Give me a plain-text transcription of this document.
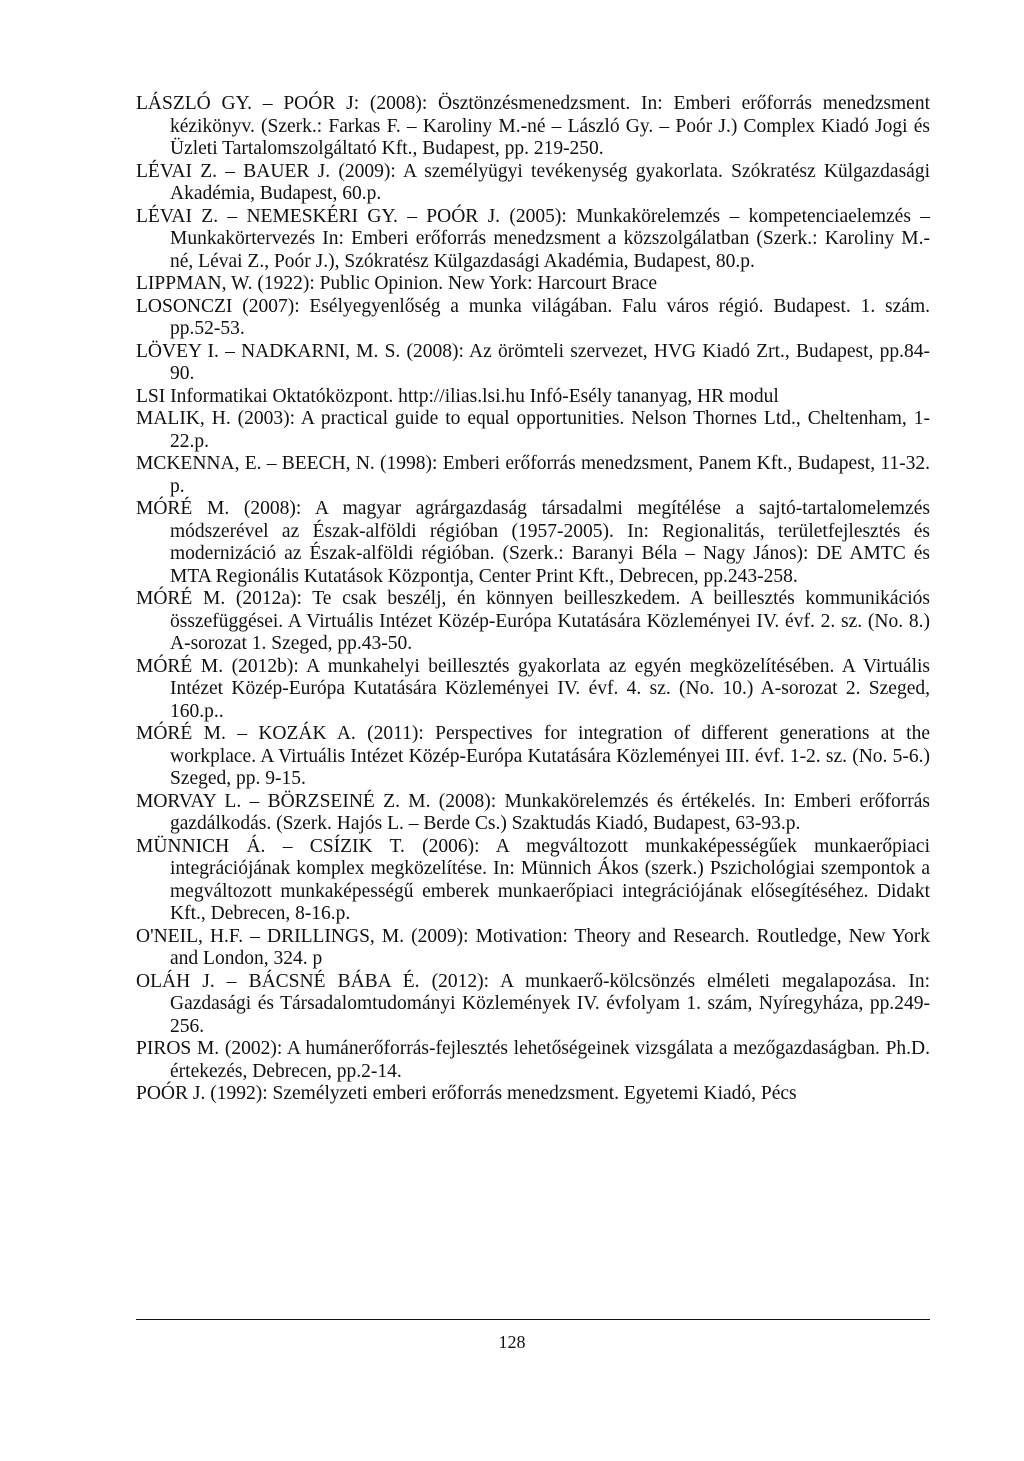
LÁSZLÓ GY. – POÓR J: (2008): Ösztönzésmenedzsment. In: Emberi erőforrás menedzsment kézikönyv. (Szerk.: Farkas F. – Karoliny M.-né – László Gy. – Poór J.) Complex Kiadó Jogi és Üzleti Tartalomszolgáltató Kft., Budapest, pp. 219-250.

LÉVAI Z. – BAUER J. (2009): A személyügyi tevékenység gyakorlata. Szókratész Külgazdasági Akadémia, Budapest, 60.p.

LÉVAI Z. – NEMESKÉRI GY. – POÓR J. (2005): Munkakörelemzés – kompetenciaelemzés – Munkakörtervezés In: Emberi erőforrás menedzsment a közszolgálatban (Szerk.: Karoliny M.-né, Lévai Z., Poór J.), Szókratész Külgazdasági Akadémia, Budapest, 80.p.

LIPPMAN, W. (1922): Public Opinion. New York: Harcourt Brace

LOSONCZI (2007): Esélyegyenlőség a munka világában. Falu város régió. Budapest. 1. szám. pp.52-53.

LÖVEY I. – NADKARNI, M. S. (2008): Az örömteli szervezet, HVG Kiadó Zrt., Budapest, pp.84-90.

LSI Informatikai Oktatóközpont. http://ilias.lsi.hu Infó-Esély tananyag, HR modul

MALIK, H. (2003): A practical guide to equal opportunities. Nelson Thornes Ltd., Cheltenham, 1-22.p.

MCKENNA, E. – BEECH, N. (1998): Emberi erőforrás menedzsment, Panem Kft., Budapest, 11-32. p.

MÓRÉ M. (2008): A magyar agrárgazdaság társadalmi megítélése a sajtó-tartalomelemzés módszerével az Észak-alföldi régióban (1957-2005). In: Regionalitás, területfejlesztés és modernizáció az Észak-alföldi régióban. (Szerk.: Baranyi Béla – Nagy János): DE AMTC és MTA Regionális Kutatások Központja, Center Print Kft., Debrecen, pp.243-258.

MÓRÉ M. (2012a): Te csak beszélj, én könnyen beilleszkedem. A beillesztés kommunikációs összefüggései. A Virtuális Intézet Közép-Európa Kutatására Közleményei IV. évf. 2. sz. (No. 8.) A-sorozat 1. Szeged, pp.43-50.

MÓRÉ M. (2012b): A munkahelyi beillesztés gyakorlata az egyén megközelítésében. A Virtuális Intézet Közép-Európa Kutatására Közleményei IV. évf. 4. sz. (No. 10.) A-sorozat 2. Szeged, 160.p..

MÓRÉ M. – KOZÁK A. (2011): Perspectives for integration of different generations at the workplace. A Virtuális Intézet Közép-Európa Kutatására Közleményei III. évf. 1-2. sz. (No. 5-6.) Szeged, pp. 9-15.

MORVAY L. – BÖRZSEINÉ Z. M. (2008): Munkakörelemzés és értékelés. In: Emberi erőforrás gazdálkodás. (Szerk. Hajós L. – Berde Cs.) Szaktudás Kiadó, Budapest, 63-93.p.

MÜNNICH Á. – CSÍZIK T. (2006): A megváltozott munkaképességűek munkaerőpiaci integrációjának komplex megközelítése. In: Münnich Ákos (szerk.) Pszichológiai szempontok a megváltozott munkaképességű emberek munkaerőpiaci integrációjának elősegítéséhez. Didakt Kft., Debrecen, 8-16.p.

O'NEIL, H.F. – DRILLINGS, M. (2009): Motivation: Theory and Research. Routledge, New York and London, 324. p

OLÁH J. – BÁCSNÉ BÁBA É. (2012): A munkaerő-kölcsönzés elméleti megalapozása. In: Gazdasági és Társadalomtudományi Közlemények IV. évfolyam 1. szám, Nyíregyháza, pp.249-256.

PIROS M. (2002): A humánerőforrás-fejlesztés lehetőségeinek vizsgálata a mezőgazdaságban. Ph.D. értekezés, Debrecen, pp.2-14.

POÓR J. (1992): Személyzeti emberi erőforrás menedzsment. Egyetemi Kiadó, Pécs

128
